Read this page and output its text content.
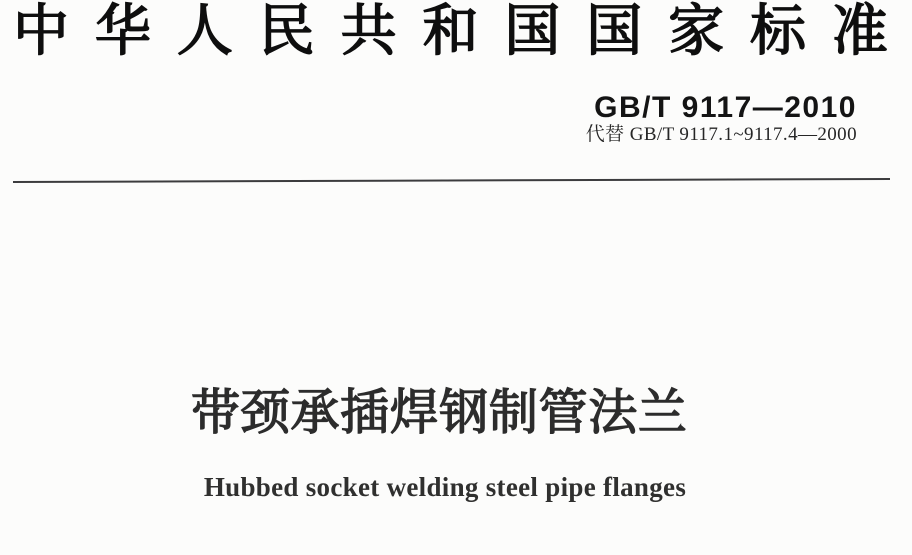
中 华 人 民 共 和 国 国 家 标 准
GB/T 9117—2010
代替 GB/T 9117.1~9117.4—2000
带 颈 承 插 焊 钢 制 管 法 兰
Hubbed socket welding steel pipe flanges
